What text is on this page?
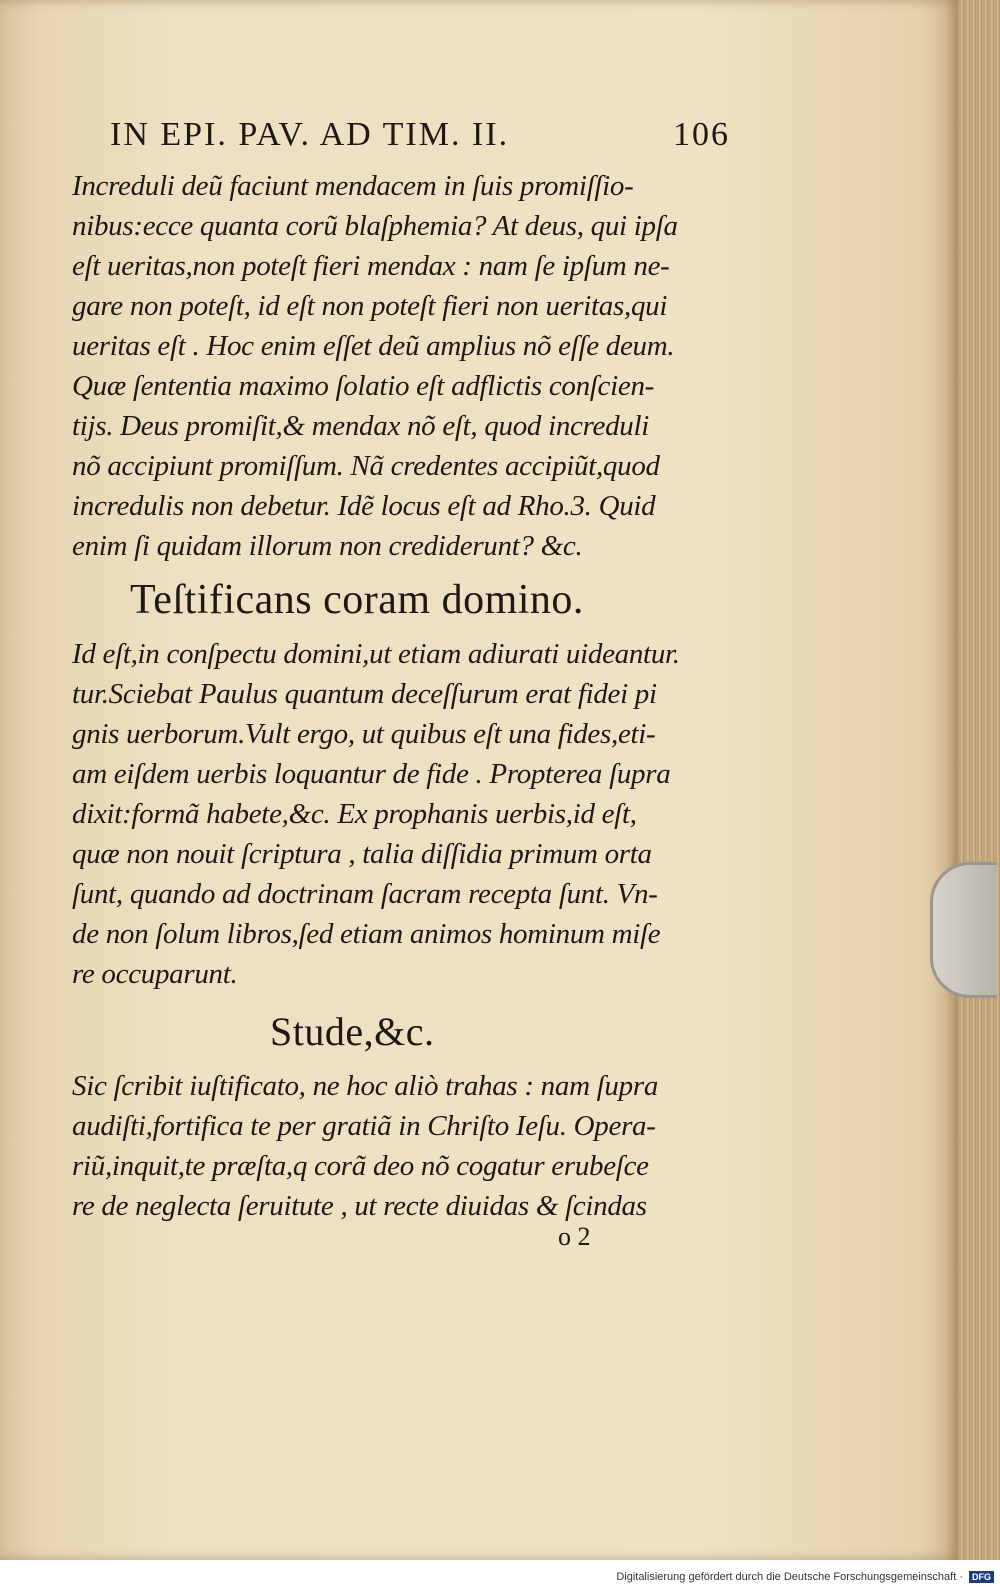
IN EPI. PAV. AD TIM. II.	106
Increduli deũ faciunt mendacem in ſuis promiſſio-
nibus:ecce quanta corũ blaſphemia? At deus, qui ipſa
eſt ueritas,non poteſt fieri mendax : nam ſe ipſum ne-
gare non poteſt, id eſt non poteſt fieri non ueritas,qui
ueritas eſt . Hoc enim eſſet deũ amplius nõ eſſe deum.
Quæ ſententia maximo ſolatio eſt adflictis conſcien-
tijs. Deus promiſit,& mendax nõ eſt, quod increduli
nõ accipiunt promiſſum. Nã credentes accipiũt,quod
incredulis non debetur. Idẽ locus eſt ad Rho.3. Quid
enim ſi quidam illorum non crediderunt? &c.
Teſtificans coram domino.
Id eſt,in conſpectu domini,ut etiam adiurati uideantur.
tur.Sciebat Paulus quantum deceſſurum erat fidei pi
gnis uerborum.Vult ergo, ut quibus eſt una fides,eti-
am eiſdem uerbis loquantur de fide . Propterea ſupra
dixit:formã habete,&c. Ex prophanis uerbis,id eſt,
quæ non nouit ſcriptura , talia diſſidia primum orta
ſunt, quando ad doctrinam ſacram recepta ſunt. Vn-
de non ſolum libros,ſed etiam animos hominum miſe
re occuparunt.
Stude,&c.
Sic ſcribit iuſtificato, ne hoc aliò trahas : nam ſupra
audiſti,fortifica te per gratiã in Chriſto Ieſu. Opera-
riũ,inquit,te præſta,q corã deo nõ cogatur erubeſce
re de neglecta ſeruitute , ut recte diuidas & ſcindas
o 2
Digitalisierung gefördert durch die Deutsche Forschungsgemeinschaft ·	DFG
